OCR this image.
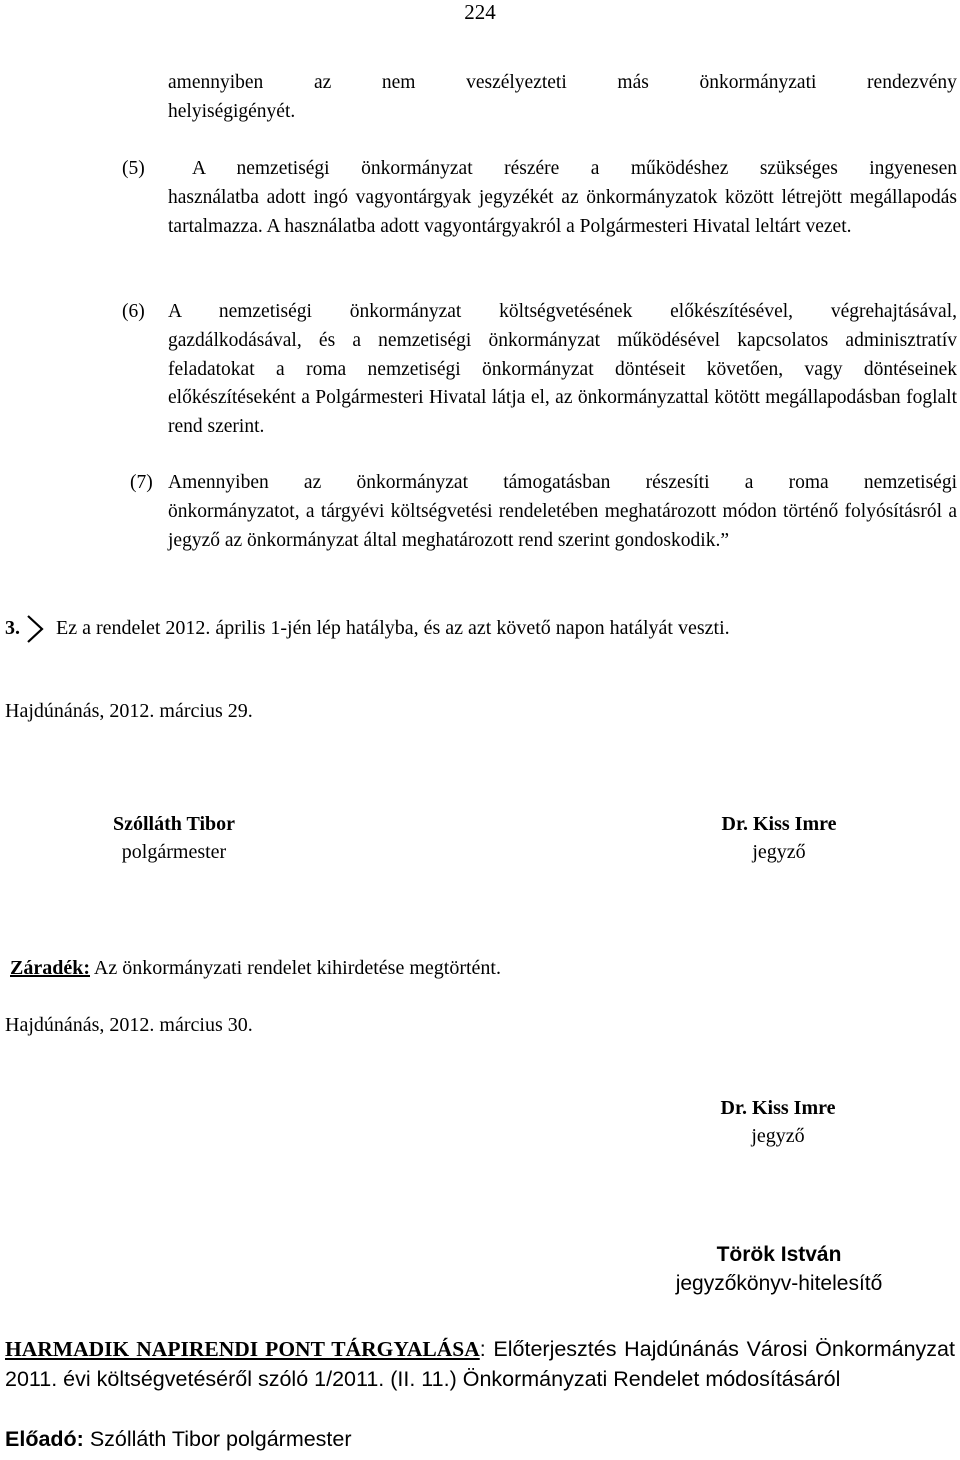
224
amennyiben	az	nem	veszélyezteti	más	önkormányzati	rendezvény
helyiségigényét.
(5) A nemzetiségi önkormányzat részére a működéshez szükséges ingyenesen
használatba adott ingó vagyontárgyak jegyzékét az önkormányzatok között létrejött megállapodás tartalmazza. A használatba adott vagyontárgyakról a Polgármesteri Hivatal leltárt vezet.
(6) A nemzetiségi önkormányzat költségvetésének előkészítésével, végrehajtásával,
gazdálkodásával, és a nemzetiségi önkormányzat működésével kapcsolatos adminisztratív feladatokat a roma nemzetiségi önkormányzat döntéseit követően, vagy döntéseinek előkészítéseként a Polgármesteri Hivatal látja el, az önkormányzattal kötött megállapodásban foglalt rend szerint.
(7) Amennyiben az önkormányzat támogatásban részesíti a roma nemzetiségi
önkormányzatot, a tárgyévi költségvetési rendeletében meghatározott módon történő folyósításról a jegyző az önkormányzat által meghatározott rend szerint gondoskodik.”
3. Ez a rendelet 2012. április 1-jén lép hatályba, és az azt követő napon hatályát veszti.
Hajdúnánás, 2012. március 29.
Szólláth Tibor
polgármester
Dr. Kiss Imre
jegyző
Záradék: Az önkormányzati rendelet kihirdetése megtörtént.
Hajdúnánás, 2012. március 30.
Dr. Kiss Imre
jegyző
Török István
jegyzőkönyv-hitelesítő
HARMADIK NAPIRENDI PONT TÁRGYALÁSA: Előterjesztés Hajdúnánás Városi Önkormányzat 2011. évi költségvetéséről szóló 1/2011. (II. 11.) Önkormányzati Rendelet módosításáról
Előadó: Szólláth Tibor polgármester
